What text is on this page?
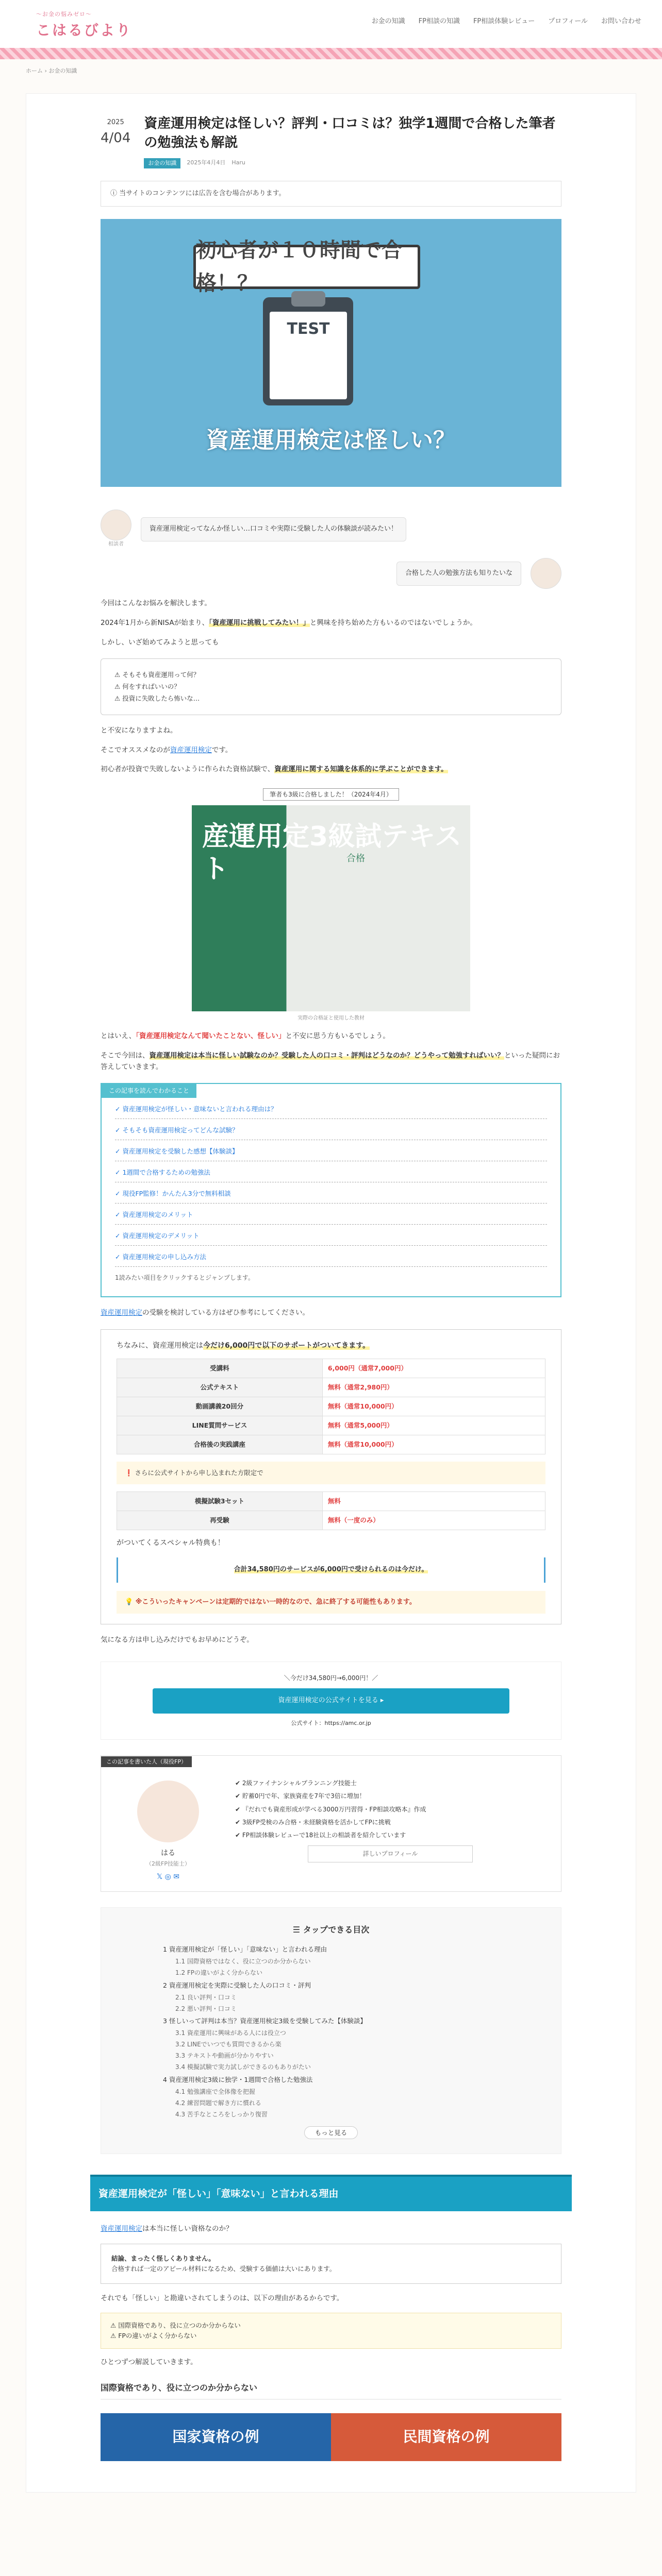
〜お金の悩みゼロ〜
こはるびより
お金の知識 FP相談の知識 FP相談体験レビュー プロフィール お問い合わせ
ホーム › お金の知識
2025
4/04
資産運用検定は怪しい？評判・口コミは？独学1週間で合格した筆者の勉強法も解説
お金の知識	2025年4月4日 Haru
ⓘ 当サイトのコンテンツには広告を含む場合があります。
初心者が１０時間で合格！？
TEST
資産運用検定は怪しい？
相談者
資産運用検定ってなんか怪しい…口コミや実際に受験した人の体験談が読みたい！
合格した人の勉強方法も知りたいな

今回はこんなお悩みを解決します。

2024年1月から新NISAが始まり、「資産運用に挑戦してみたい！」と興味を持ち始めた方もいるのではないでしょうか。

しかし、いざ始めてみようと思っても

⚠ そもそも資産運用って何？
⚠ 何をすればいいの？
⚠ 投資に失敗したら怖いな…

と不安になりますよね。

そこでオススメなのが資産運用検定です。

初心者が投資で失敗しないように作られた資格試験で、資産運用に関する知識を体系的に学ぶことができます。

筆者も3級に合格しました！（2024年4月）
産運用定3級試テキスト	合格
実際の合格証と使用した教材

とはいえ、「資産運用検定なんて聞いたことない、怪しい」と不安に思う方もいるでしょう。

そこで今回は、資産運用検定は本当に怪しい試験なのか？受験した人の口コミ・評判はどうなのか？どうやって勉強すればいい？といった疑問にお答えしていきます。

この記事を読んでわかること
✓ 資産運用検定が怪しい・意味ないと言われる理由は？
✓ そもそも資産運用検定ってどんな試験？
✓ 資産運用検定を受験した感想【体験談】
✓ 1週間で合格するための勉強法
✓ 現役FP監修！かんたん3分で無料相談
✓ 資産運用検定のメリット
✓ 資産運用検定のデメリット
✓ 資産運用検定の申し込み方法
1読みたい項目をクリックするとジャンプします。

資産運用検定の受験を検討している方はぜひ参考にしてください。

ちなみに、資産運用検定は今だけ6,000円で以下のサポートがついてきます。
受講料	6,000円（通常7,000円）
公式テキスト	無料（通常2,980円）
動画講義20回分	無料（通常10,000円）
LINE質問サービス	無料（通常5,000円）
合格後の実践講座	無料（通常10,000円）
❗ さらに公式サイトから申し込まれた方限定で
模擬試験3セット	無料
再受験	無料（一度のみ）
がついてくるスペシャル特典も！
合計34,580円のサービスが6,000円で受けられるのは今だけ。
💡 ※こういったキャンペーンは定期的ではない一時的なので、急に終了する可能性もあります。

気になる方は申し込みだけでもお早めにどうぞ。

＼今だけ34,580円→6,000円！／
資産運用検定の公式サイトを見る ▸
公式サイト：https://amc.or.jp
この記事を書いた人（現役FP）
はる
（2級FP技能士）
𝕏 ◎ ✉
✔ 2級ファイナンシャルプランニング技能士
✔ 貯蓄0円で年、家族資産を7年で3倍に増加！
✔ 『だれでも資産形成が学べる3000万円習得・FP相談攻略本』作成
✔ 3級FP受検のみ合格・未経験資格を活かしてFPに挑戦
✔ FP相談体験レビューで18社以上の相談者を紹介しています
詳しいプロフィール
☰ タップできる目次
1 資産運用検定が「怪しい」「意味ない」と言われる理由
1.1 国際資格ではなく、役に立つのか分からない
1.2 FPの違いがよく分からない
2 資産運用検定を実際に受験した人の口コミ・評判
2.1 良い評判・口コミ
2.2 悪い評判・口コミ
3 怪しいって評判は本当？資産運用検定3級を受験してみた【体験談】
3.1 資産運用に興味がある人には役立つ
3.2 LINEでいつでも質問できるから楽
3.3 テキストや動画が分かりやすい
3.4 模擬試験で実力試しができるのもありがたい
4 資産運用検定3級に独学・1週間で合格した勉強法
4.1 勉強講座で全体像を把握
4.2 練習問題で解き方に慣れる
4.3 苦手なところをしっかり復習
もっと見る
資産運用検定が「怪しい」「意味ない」と言われる理由

資産運用検定は本当に怪しい資格なのか？

結論、まったく怪しくありません。
合格すれば一定のアピール材料になるため、受験する価値は大いにあります。

それでも「怪しい」と勘違いされてしまうのは、以下の理由があるからです。

⚠ 国際資格であり、役に立つのか分からない
⚠ FPの違いがよく分からない

ひとつずつ解説していきます。

国際資格であり、役に立つのか分からない
国家資格の例	民間資格の例
